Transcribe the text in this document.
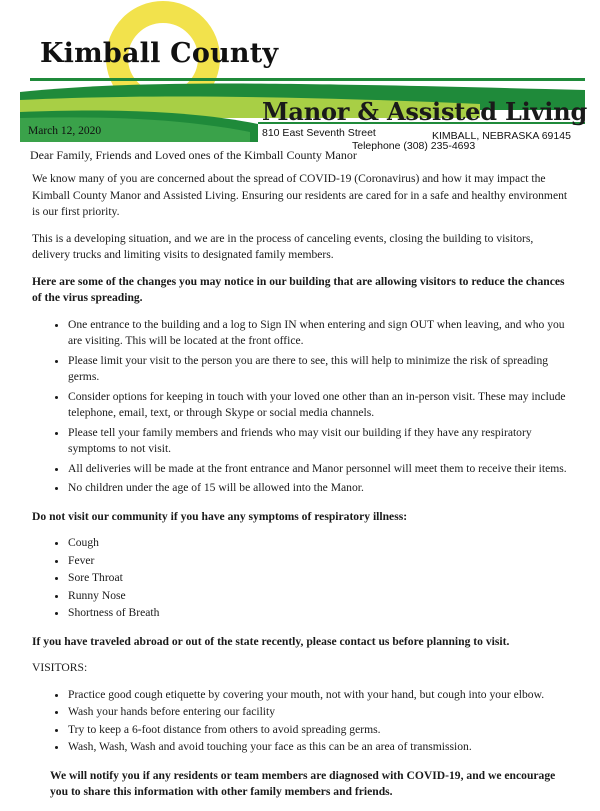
Kimball County
Manor & Assisted Living
March 12, 2020	810 East Seventh Street	KIMBALL, NEBRASKA 69145
Telephone (308) 235-4693
Dear Family, Friends and Loved ones of the Kimball County Manor

We know many of you are concerned about the spread of COVID-19 (Coronavirus) and how it may impact the Kimball County Manor and Assisted Living. Ensuring our residents are cared for in a safe and healthy environment is our first priority.

This is a developing situation, and we are in the process of canceling events, closing the building to visitors, delivery trucks and limiting visits to designated family members.

Here are some of the changes you may notice in our building that are allowing visitors to reduce the chances of the virus spreading.

• One entrance to the building and a log to Sign IN when entering and sign OUT when leaving, and who you are visiting. This will be located at the front office.
• Please limit your visit to the person you are there to see, this will help to minimize the risk of spreading germs.
• Consider options for keeping in touch with your loved one other than an in-person visit. These may include telephone, email, text, or through Skype or social media channels.
• Please tell your family members and friends who may visit our building if they have any respiratory symptoms to not visit.
• All deliveries will be made at the front entrance and Manor personnel will meet them to receive their items.
• No children under the age of 15 will be allowed into the Manor.

Do not visit our community if you have any symptoms of respiratory illness:

• Cough
• Fever
• Sore Throat
• Runny Nose
• Shortness of Breath

If you have traveled abroad or out of the state recently, please contact us before planning to visit.

VISITORS:

• Practice good cough etiquette by covering your mouth, not with your hand, but cough into your elbow.
• Wash your hands before entering our facility
• Try to keep a 6-foot distance from others to avoid spreading germs.
• Wash, Wash, Wash and avoid touching your face as this can be an area of transmission.

We will notify you if any residents or team members are diagnosed with COVID-19, and we encourage you to share this information with other family members and friends.
